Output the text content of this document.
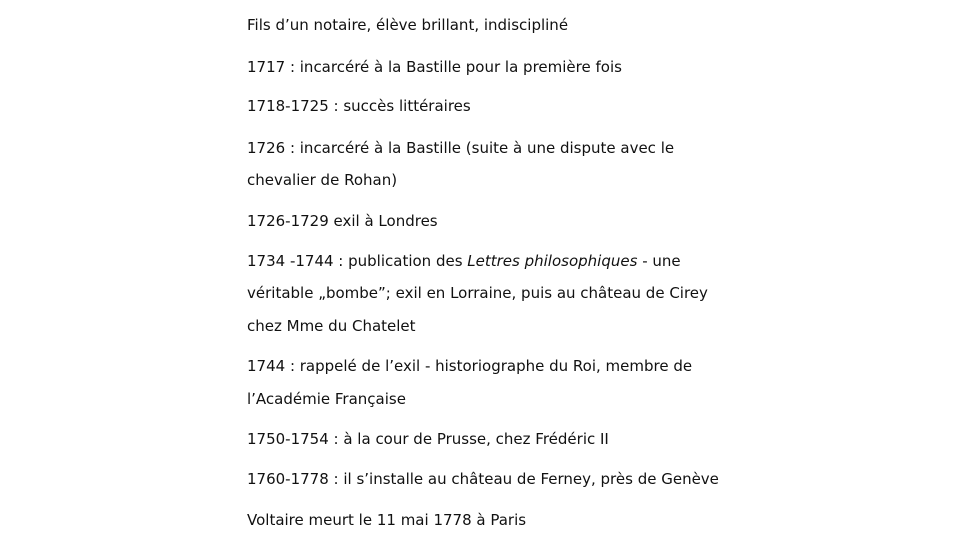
Fils d’un notaire, élève brillant, indiscipliné
1717 : incarcéré à la Bastille pour la première fois
1718-1725 : succès littéraires
1726 : incarcéré à la Bastille (suite à une dispute avec le
chevalier de Rohan)
1726-1729 exil à Londres
1734 -1744 : publication des Lettres philosophiques - une
véritable „bombe”; exil en Lorraine, puis au château de Cirey
chez Mme du Chatelet
1744 : rappelé de l’exil - historiographe du Roi, membre de
l’Académie Française
1750-1754 : à la cour de Prusse, chez Frédéric II
1760-1778 : il s’installe au château de Ferney, près de Genève
Voltaire meurt le 11 mai 1778 à Paris
